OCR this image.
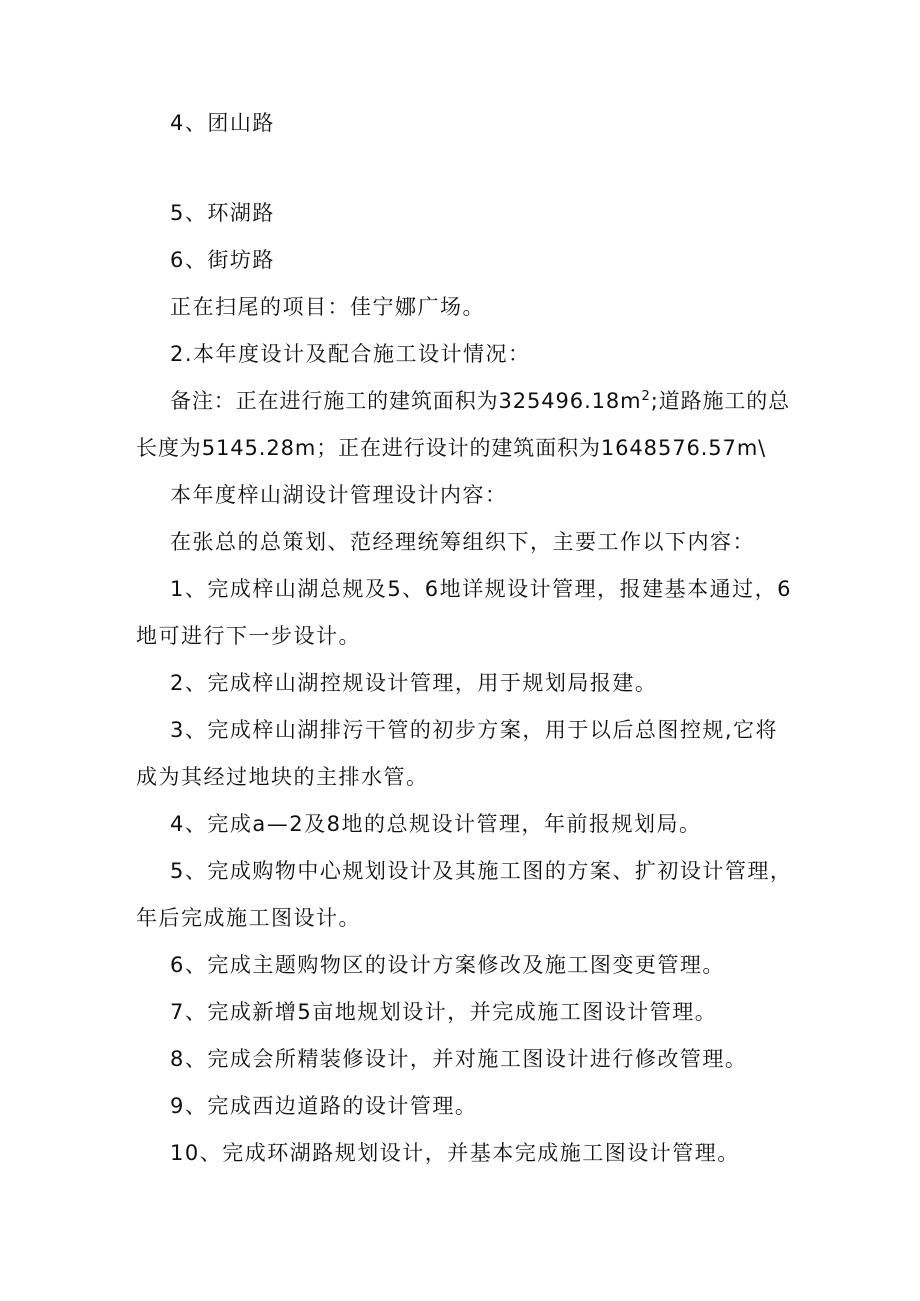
4、团山路

5、环湖路

6、街坊路

正在扫尾的项目：佳宁娜广场。

2.本年度设计及配合施工设计情况：

备注：正在进行施工的建筑面积为$325496.18m^2$;道路施工的总长度为5145.28m；正在进行设计的建筑面积为1648576.57m\

本年度梓山湖设计管理设计内容：

在张总的总策划、范经理统筹组织下，主要工作以下内容：

1、完成梓山湖总规及5、6地详规设计管理，报建基本通过，6地可进行下一步设计。

2、完成梓山湖控规设计管理，用于规划局报建。

3、完成梓山湖排污干管的初步方案，用于以后总图控规,它将成为其经过地块的主排水管。

4、完成a—2及8地的总规设计管理，年前报规划局。

5、完成购物中心规划设计及其施工图的方案、扩初设计管理，年后完成施工图设计。

6、完成主题购物区的设计方案修改及施工图变更管理。

7、完成新增5亩地规划设计，并完成施工图设计管理。

8、完成会所精装修设计，并对施工图设计进行修改管理。

9、完成西边道路的设计管理。

10、完成环湖路规划设计，并基本完成施工图设计管理。
